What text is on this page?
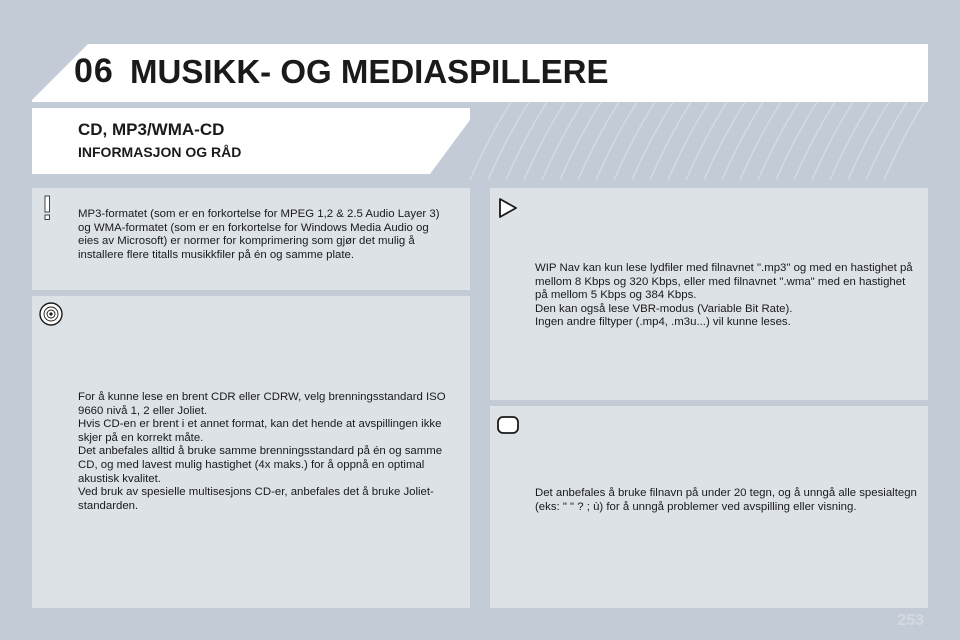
06 MUSIKK- OG MEDIASPILLERE
CD, MP3/WMA-CD
INFORMASJON OG RÅD

MP3-formatet (som er en forkortelse for MPEG 1,2 & 2.5 Audio Layer 3) og WMA-formatet (som er en forkortelse for Windows Media Audio og eies av Microsoft) er normer for komprimering som gjør det mulig å installere flere titalls musikkfiler på én og samme plate.

For å kunne lese en brent CDR eller CDRW, velg brenningsstandard ISO 9660 nivå 1, 2 eller Joliet.
Hvis CD-en er brent i et annet format, kan det hende at avspillingen ikke skjer på en korrekt måte.
Det anbefales alltid å bruke samme brenningsstandard på én og samme CD, og med lavest mulig hastighet (4x maks.) for å oppnå en optimal akustisk kvalitet.
Ved bruk av spesielle multisesjons CD-er, anbefales det å bruke Joliet-standarden.

WIP Nav kan kun lese lydfiler med filnavnet ".mp3" og med en hastighet på mellom 8 Kbps og 320 Kbps, eller med filnavnet ".wma" med en hastighet på mellom 5 Kbps og 384 Kbps.
Den kan også lese VBR-modus (Variable Bit Rate).
Ingen andre filtyper (.mp4, .m3u...) vil kunne leses.

Det anbefales å bruke filnavn på under 20 tegn, og å unngå alle spesialtegn (eks: " " ? ; ù) for å unngå problemer ved avspilling eller visning.

253
